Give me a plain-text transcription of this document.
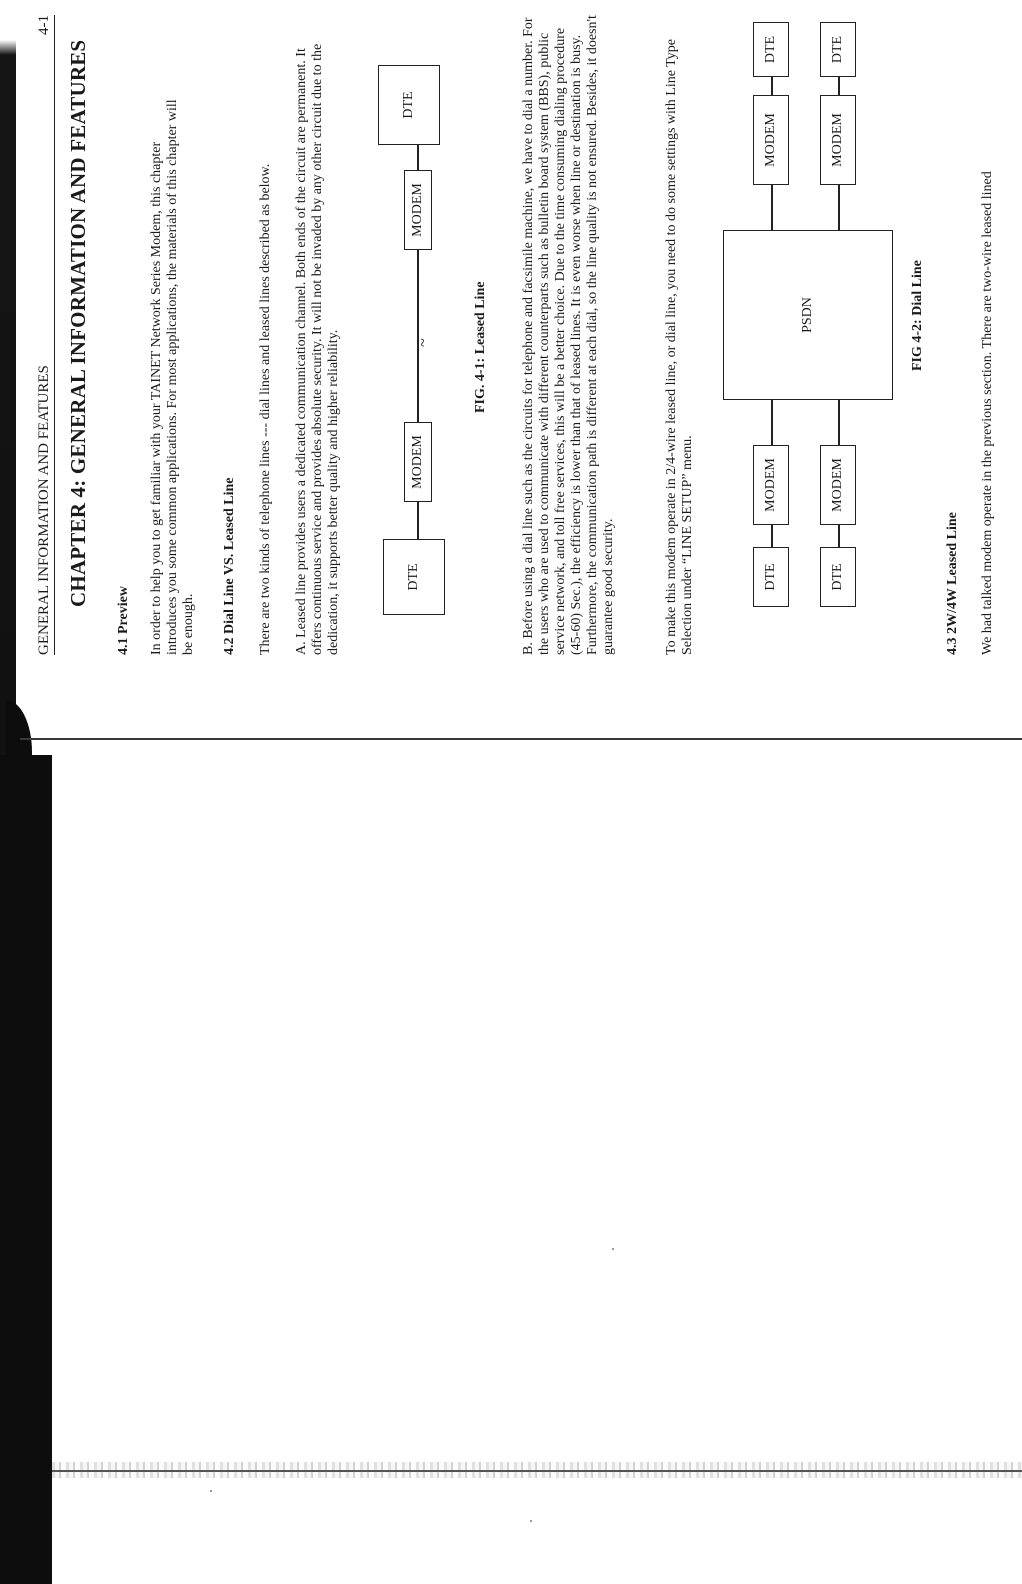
GENERAL INFORMATION AND FEATURES
4-1
CHAPTER 4: GENERAL INFORMATION AND FEATURES
4.1 Preview In order to help you to get familiar with your TAINET Network Series Modem, this chapter introduces you some common applications. For most applications, the materials of this chapter will be enough. 4.2 Dial Line VS. Leased Line There are two kinds of telephone lines --- dial lines and leased lines described as below. A. Leased line provides users a dedicated communication channel. Both ends of the circuit are permanent. It offers continuous service and provides absolute security. It will not be invaded by any other circuit due to the dedication, it supports better quality and higher reliability.	DTE
MODEM
~
MODEM
DTE
FIG. 4-1: Leased Line B. Before using a dial line such as the circuits for telephone and facsimile machine, we have to dial a number. For the users who are used to communicate with different counterparts such as bulletin board system (BBS), public service network, and toll free services, this will be a better choice. Due to the time consuming dialing procedure (45-60) Sec.), the efficiency is lower than that of leased lines. It is even worse when line or destination is busy. Furthermore, the communication path is different at each dial, so the line quality is not ensured. Besides, it doesn't guarantee good security.	To make this modem operate in 2/4-wire leased line, or dial line, you need to do some settings with Line Type Selection under “LINE SETUP” menu.	DTE
MODEM
DTE
MODEM
PSDN
MODEM
DTE
MODEM
DTE
FIG 4-2: Dial Line
4.3 2W/4W Leased Line We had talked modem operate in the previous section. There are two-wire leased lined
